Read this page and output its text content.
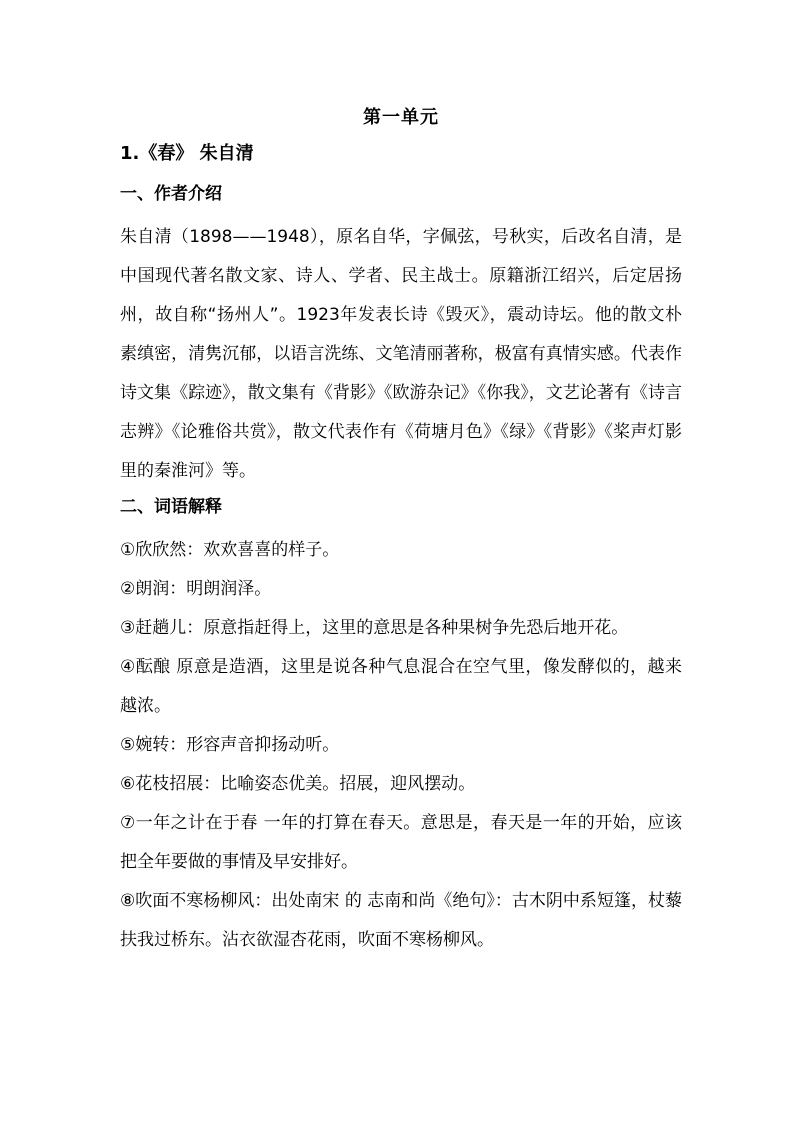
第一单元
1.《春》 朱自清
一、作者介绍

朱自清（1898——1948），原名自华，字佩弦，号秋实，后改名自清，是中国现代著名散文家、诗人、学者、民主战士。原籍浙江绍兴，后定居扬州，故自称“扬州人”。1923年发表长诗《毁灭》，震动诗坛。他的散文朴素缜密，清隽沉郁，以语言洗练、文笔清丽著称，极富有真情实感。代表作诗文集《踪迹》，散文集有《背影》《欧游杂记》《你我》，文艺论著有《诗言志辨》《论雅俗共赏》，散文代表作有《荷塘月色》《绿》《背影》《桨声灯影里的秦淮河》等。

二、词语解释

①欣欣然：欢欢喜喜的样子。

②朗润：明朗润泽。

③赶趟儿：原意指赶得上，这里的意思是各种果树争先恐后地开花。

④酝酿 原意是造酒，这里是说各种气息混合在空气里，像发酵似的，越来越浓。

⑤婉转：形容声音抑扬动听。

⑥花枝招展：比喻姿态优美。招展，迎风摆动。

⑦一年之计在于春 一年的打算在春天。意思是，春天是一年的开始，应该把全年要做的事情及早安排好。

⑧吹面不寒杨柳风：出处南宋 的 志南和尚《绝句》：古木阴中系短篷，杖藜扶我过桥东。沾衣欲湿杏花雨，吹面不寒杨柳风。
